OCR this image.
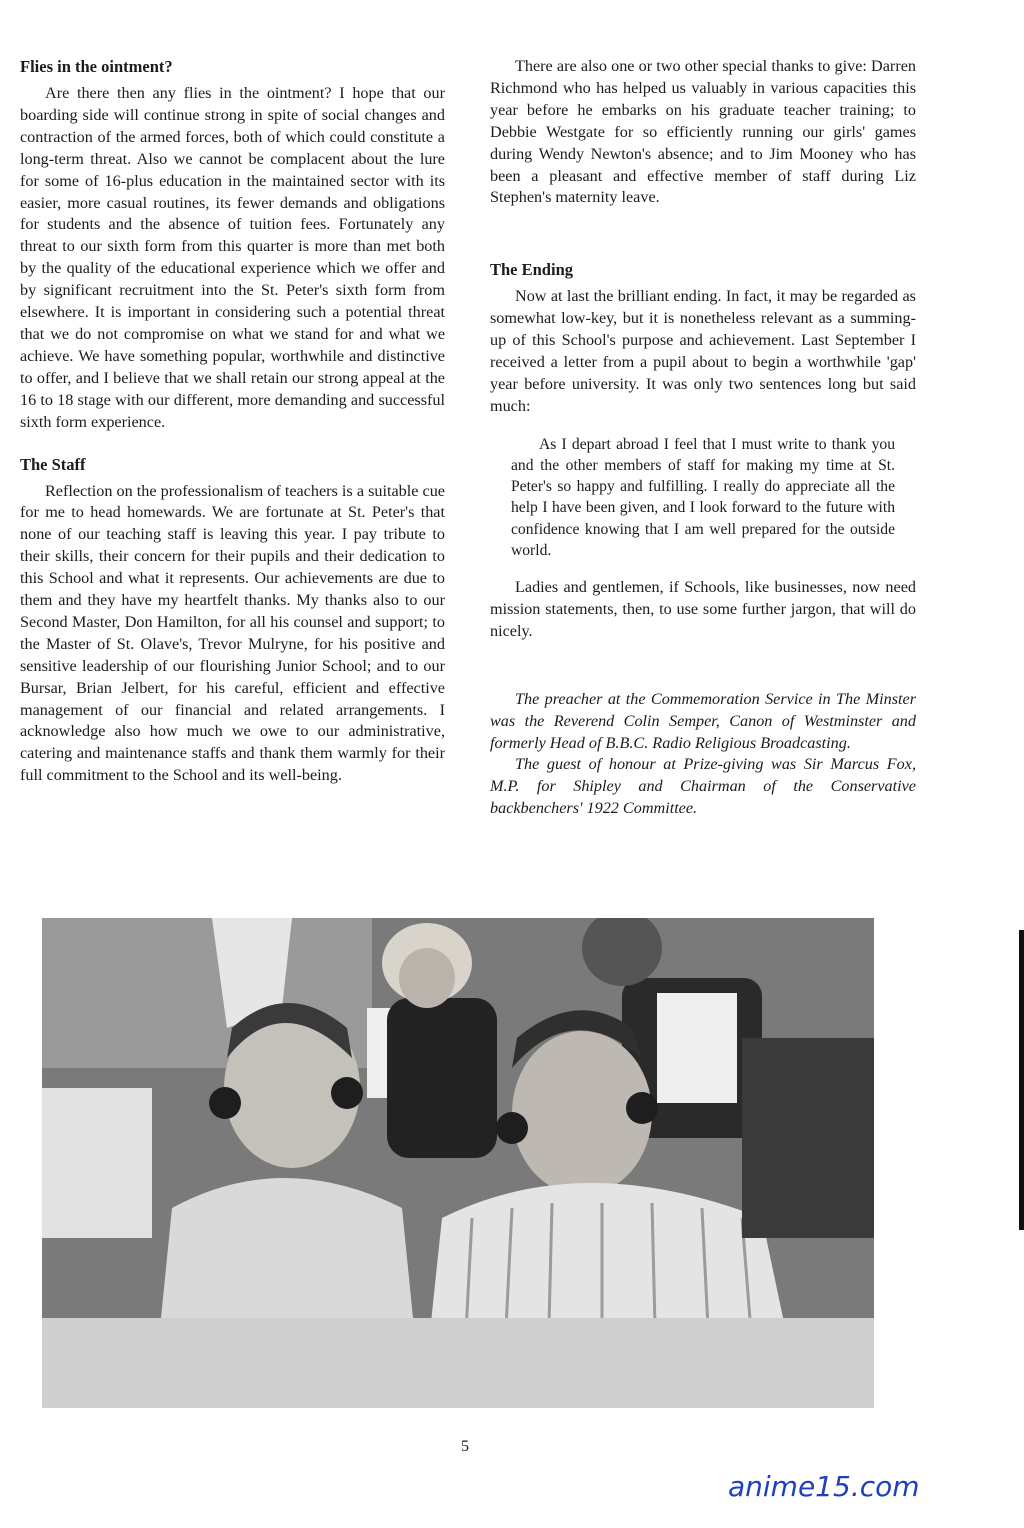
Flies in the ointment?

Are there then any flies in the ointment? I hope that our boarding side will continue strong in spite of social changes and contraction of the armed forces, both of which could constitute a long-term threat. Also we cannot be complacent about the lure for some of 16-plus education in the maintained sector with its easier, more casual routines, its fewer demands and obligations for students and the absence of tuition fees. Fortunately any threat to our sixth form from this quarter is more than met both by the quality of the educational experience which we offer and by significant recruitment into the St. Peter's sixth form from elsewhere. It is important in considering such a potential threat that we do not compromise on what we stand for and what we achieve. We have something popular, worthwhile and distinctive to offer, and I believe that we shall retain our strong appeal at the 16 to 18 stage with our different, more demanding and successful sixth form experience.

The Staff

Reflection on the professionalism of teachers is a suitable cue for me to head homewards. We are fortunate at St. Peter's that none of our teaching staff is leaving this year. I pay tribute to their skills, their concern for their pupils and their dedication to this School and what it represents. Our achievements are due to them and they have my heartfelt thanks. My thanks also to our Second Master, Don Hamilton, for all his counsel and support; to the Master of St. Olave's, Trevor Mulryne, for his positive and sensitive leadership of our flourishing Junior School; and to our Bursar, Brian Jelbert, for his careful, efficient and effective management of our financial and related arrangements. I acknowledge also how much we owe to our administrative, catering and maintenance staffs and thank them warmly for their full commitment to the School and its well-being.

There are also one or two other special thanks to give: Darren Richmond who has helped us valuably in various capacities this year before he embarks on his graduate teacher training; to Debbie Westgate for so efficiently running our girls' games during Wendy Newton's absence; and to Jim Mooney who has been a pleasant and effective member of staff during Liz Stephen's maternity leave.

The Ending

Now at last the brilliant ending. In fact, it may be regarded as somewhat low-key, but it is nonetheless relevant as a summing-up of this School's purpose and achievement. Last September I received a letter from a pupil about to begin a worthwhile 'gap' year before university. It was only two sentences long but said much:

As I depart abroad I feel that I must write to thank you and the other members of staff for making my time at St. Peter's so happy and fulfilling. I really do appreciate all the help I have been given, and I look forward to the future with confidence knowing that I am well prepared for the outside world.

Ladies and gentlemen, if Schools, like businesses, now need mission statements, then, to use some further jargon, that will do nicely.

The preacher at the Commemoration Service in The Minster was the Reverend Colin Semper, Canon of Westminster and formerly Head of B.B.C. Radio Religious Broadcasting.

The guest of honour at Prize-giving was Sir Marcus Fox, M.P. for Shipley and Chairman of the Conservative backbenchers' 1922 Committee.

5
anime15.com
